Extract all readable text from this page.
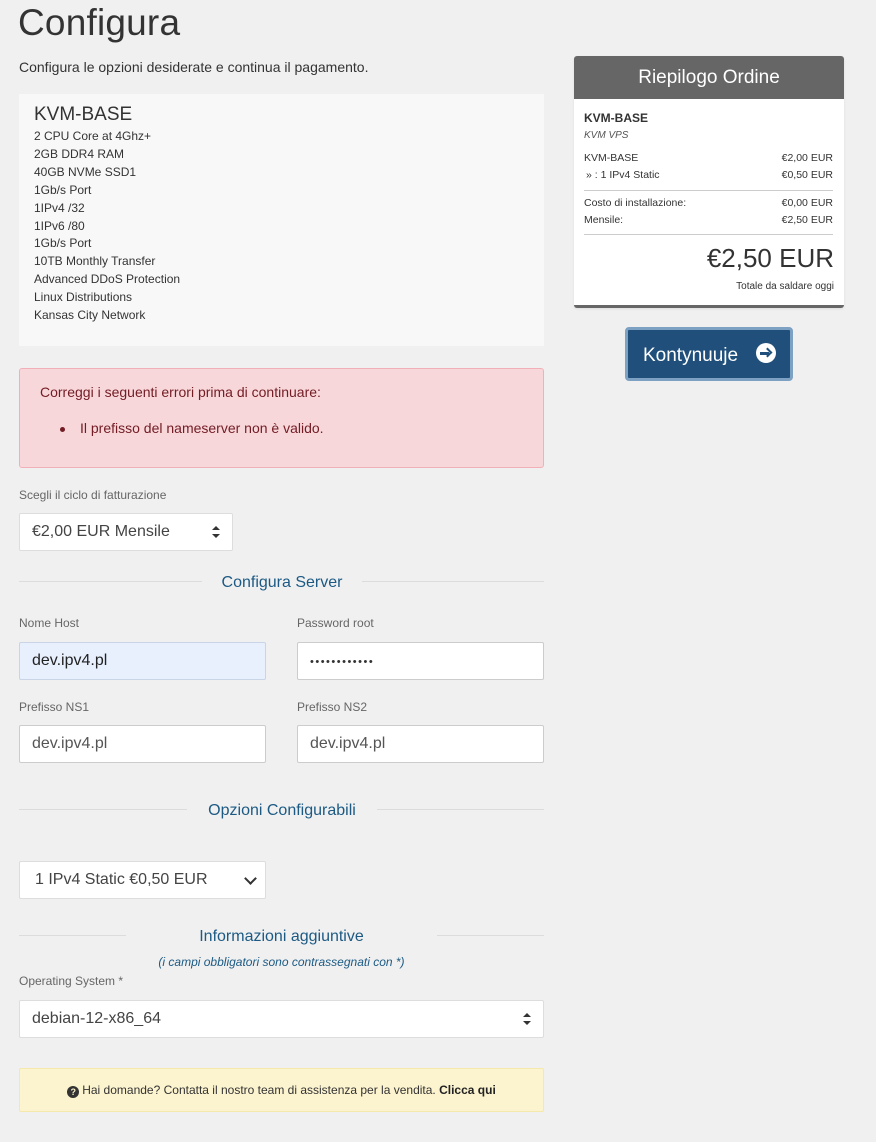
Configura
Configura le opzioni desiderate e continua il pagamento.
KVM-BASE
2 CPU Core at 4Ghz+
2GB DDR4 RAM
40GB NVMe SSD1
1Gb/s Port
1IPv4 /32
1IPv6 /80
1Gb/s Port
10TB Monthly Transfer
Advanced DDoS Protection
Linux Distributions
Kansas City Network
Correggi i seguenti errori prima di continuare:
Il prefisso del nameserver non è valido.
Scegli il ciclo di fatturazione
€2,00 EUR Mensile
Configura Server
Nome Host
dev.ipv4.pl
Password root
••••••••••••
Prefisso NS1
dev.ipv4.pl
Prefisso NS2
dev.ipv4.pl
Opzioni Configurabili
1 IPv4 Static €0,50 EUR
Informazioni aggiuntive
(i campi obbligatori sono contrassegnati con *)
Operating System *
debian-12-x86_64
? Hai domande? Contatta il nostro team di assistenza per la vendita. Clicca qui
Riepilogo Ordine
KVM-BASE
KVM VPS
KVM-BASE	€2,00 EUR
» : 1 IPv4 Static	€0,50 EUR
Costo di installazione:	€0,00 EUR
Mensile:	€2,50 EUR
€2,50 EUR
Totale da saldare oggi
Kontynuuje
